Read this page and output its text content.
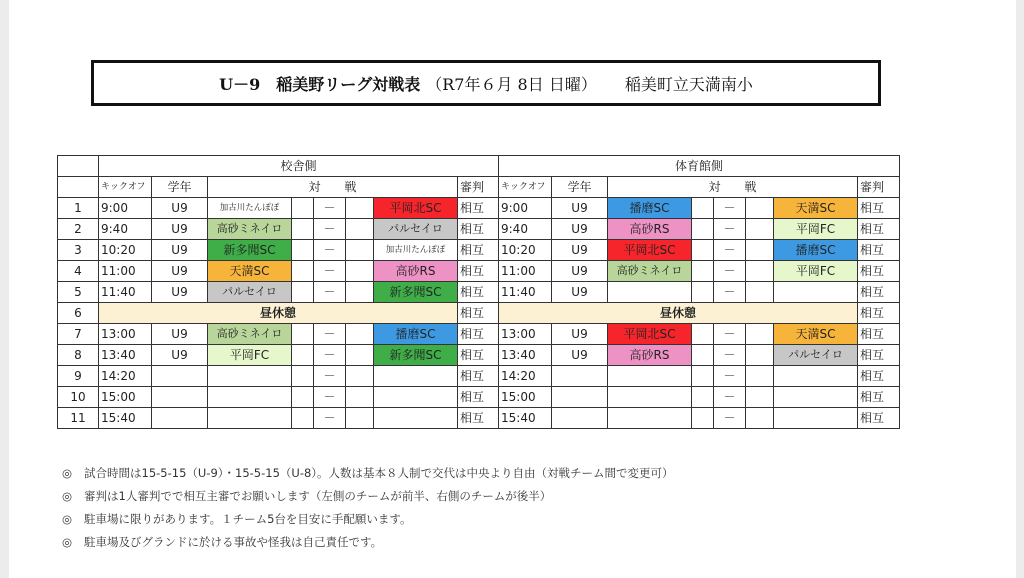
U－9　稲美野リーグ対戦表 （R7年６月 8日 日曜） 稲美町立天満南小
	校舎側								体育館側							
	キックオフ	学年	対　　戦					審判	キックオフ	学年	対　　戦					審判
1	9:00	U9	加古川たんぽぽ		－		平岡北SC	相互	9:00	U9	播磨SC		－		天満SC	相互
2	9:40	U9	高砂ミネイロ		－		パルセイロ	相互	9:40	U9	高砂RS		－		平岡FC	相互
3	10:20	U9	新多聞SC		－		加古川たんぽぽ	相互	10:20	U9	平岡北SC		－		播磨SC	相互
4	11:00	U9	天満SC		－		高砂RS	相互	11:00	U9	高砂ミネイロ		－		平岡FC	相互
5	11:40	U9	パルセイロ		－		新多聞SC	相互	11:40	U9			－			相互
6	昼休憩							相互	昼休憩							相互
7	13:00	U9	高砂ミネイロ		－		播磨SC	相互	13:00	U9	平岡北SC		－		天満SC	相互
8	13:40	U9	平岡FC		－		新多聞SC	相互	13:40	U9	高砂RS		－		パルセイロ	相互
9	14:20				－			相互	14:20				－			相互
10	15:00				－			相互	15:00				－			相互
11	15:40				－			相互	15:40				－			相互
◎ 試合時間は15-5-15（U-9）・15-5-15（U-8）。人数は基本８人制で交代は中央より自由（対戦チーム間で変更可）
◎ 審判は1人審判でで相互主審でお願いします（左側のチームが前半、右側のチームが後半）
◎ 駐車場に限りがあります。１チーム5台を目安に手配願います。
◎ 駐車場及びグランドに於ける事故や怪我は自己責任です。
